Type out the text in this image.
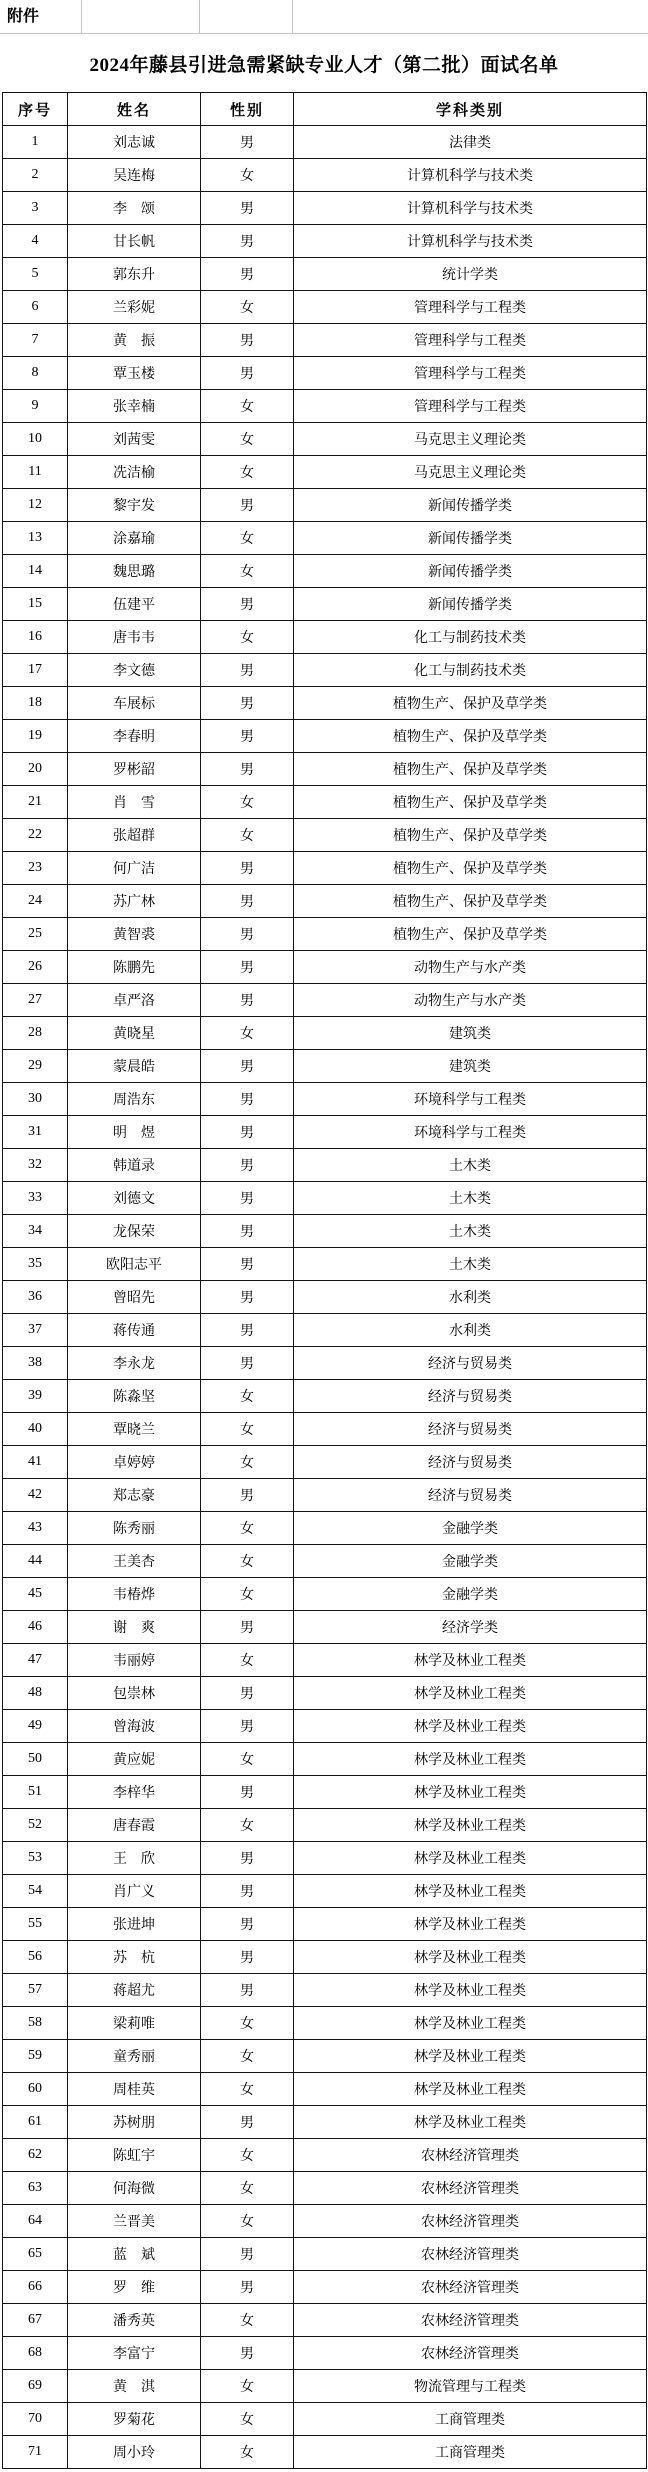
附件
2024年藤县引进急需紧缺专业人才（第二批）面试名单
序号	姓名	性别	学科类别
1	刘志诚	男	法律类
2	吴连梅	女	计算机科学与技术类
3	李　颂	男	计算机科学与技术类
4	甘长帆	男	计算机科学与技术类
5	郭东升	男	统计学类
6	兰彩妮	女	管理科学与工程类
7	黄　振	男	管理科学与工程类
8	覃玉楼	男	管理科学与工程类
9	张幸楠	女	管理科学与工程类
10	刘茜雯	女	马克思主义理论类
11	冼洁榆	女	马克思主义理论类
12	黎宇发	男	新闻传播学类
13	涂嘉瑜	女	新闻传播学类
14	魏思璐	女	新闻传播学类
15	伍建平	男	新闻传播学类
16	唐韦韦	女	化工与制药技术类
17	李文德	男	化工与制药技术类
18	车展标	男	植物生产、保护及草学类
19	李春明	男	植物生产、保护及草学类
20	罗彬韶	男	植物生产、保护及草学类
21	肖　雪	女	植物生产、保护及草学类
22	张超群	女	植物生产、保护及草学类
23	何广洁	男	植物生产、保护及草学类
24	苏广林	男	植物生产、保护及草学类
25	黄智裘	男	植物生产、保护及草学类
26	陈鹏先	男	动物生产与水产类
27	卓严洛	男	动物生产与水产类
28	黄晓星	女	建筑类
29	蒙晨皓	男	建筑类
30	周浩东	男	环境科学与工程类
31	明　煜	男	环境科学与工程类
32	韩道录	男	土木类
33	刘德文	男	土木类
34	龙保荣	男	土木类
35	欧阳志平	男	土木类
36	曾昭先	男	水利类
37	蒋传通	男	水利类
38	李永龙	男	经济与贸易类
39	陈淼坚	女	经济与贸易类
40	覃晓兰	女	经济与贸易类
41	卓婷婷	女	经济与贸易类
42	郑志豪	男	经济与贸易类
43	陈秀丽	女	金融学类
44	王美杏	女	金融学类
45	韦椿烨	女	金融学类
46	谢　爽	男	经济学类
47	韦丽婷	女	林学及林业工程类
48	包崇林	男	林学及林业工程类
49	曾海波	男	林学及林业工程类
50	黄应妮	女	林学及林业工程类
51	李梓华	男	林学及林业工程类
52	唐春霞	女	林学及林业工程类
53	王　欣	男	林学及林业工程类
54	肖广义	男	林学及林业工程类
55	张进坤	男	林学及林业工程类
56	苏　杭	男	林学及林业工程类
57	蒋超尤	男	林学及林业工程类
58	梁莉唯	女	林学及林业工程类
59	童秀丽	女	林学及林业工程类
60	周桂英	女	林学及林业工程类
61	苏树朋	男	林学及林业工程类
62	陈虹宇	女	农林经济管理类
63	何海微	女	农林经济管理类
64	兰晋美	女	农林经济管理类
65	蓝　斌	男	农林经济管理类
66	罗　维	男	农林经济管理类
67	潘秀英	女	农林经济管理类
68	李富宁	男	农林经济管理类
69	黄　淇	女	物流管理与工程类
70	罗菊花	女	工商管理类
71	周小玲	女	工商管理类
